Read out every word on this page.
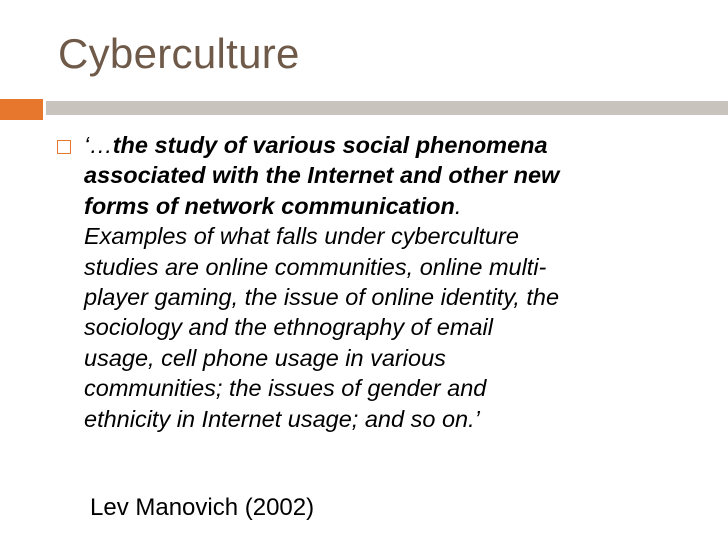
Cyberculture
‘…the study of various social phenomena
associated with the Internet and other new
forms of network communication.
Examples of what falls under cyberculture
studies are online communities, online multi-
player gaming, the issue of online identity, the
sociology and the ethnography of email
usage, cell phone usage in various
communities; the issues of gender and
ethnicity in Internet usage; and so on.’

Lev Manovich (2002)
